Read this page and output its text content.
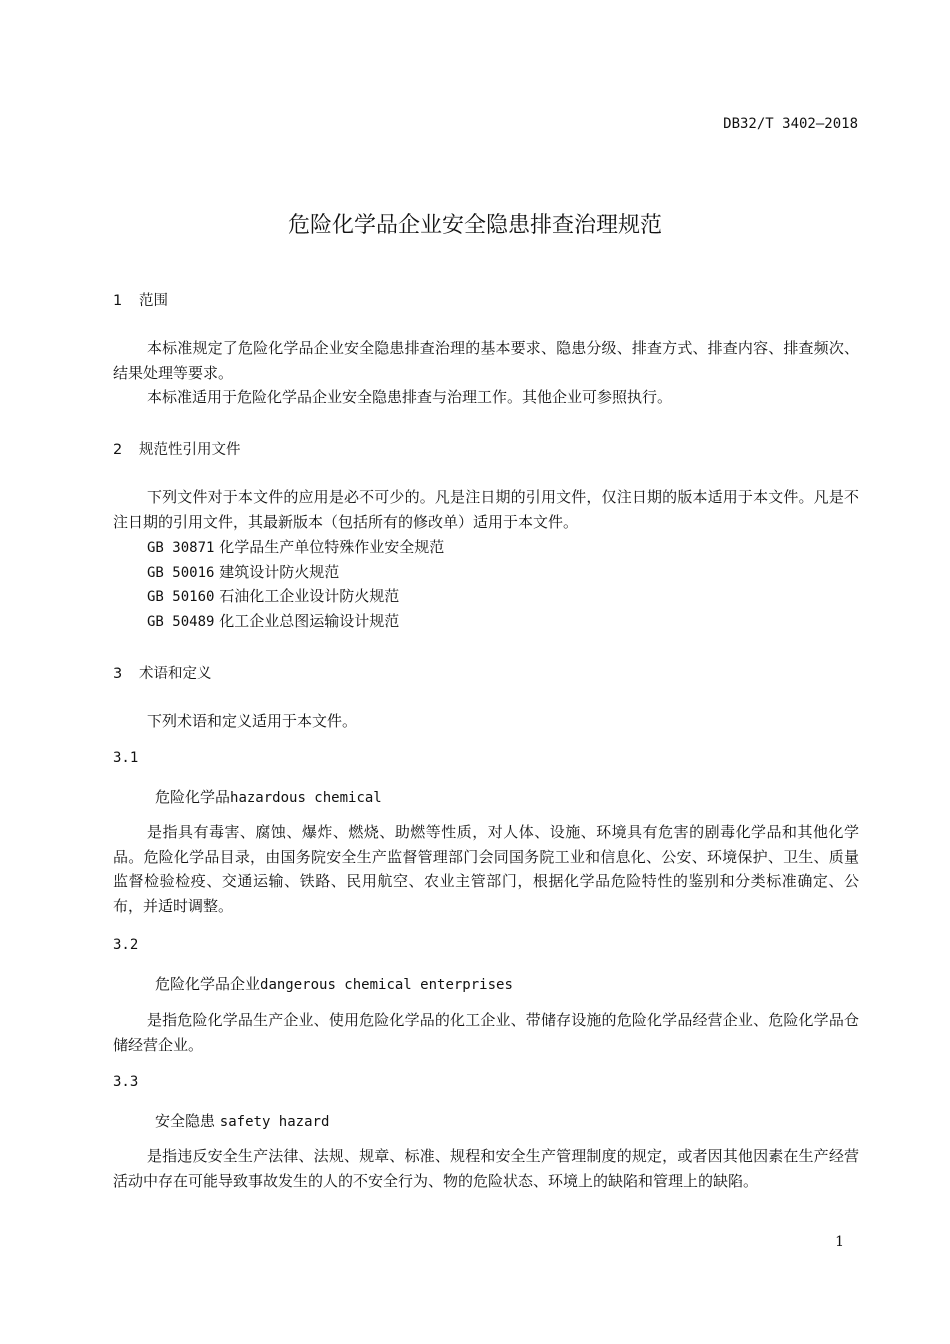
DB32/T 3402—2018
危险化学品企业安全隐患排查治理规范
1 范围

本标准规定了危险化学品企业安全隐患排查治理的基本要求、隐患分级、排查方式、排查内容、排查频次、结果处理等要求。

本标准适用于危险化学品企业安全隐患排查与治理工作。其他企业可参照执行。

2 规范性引用文件

下列文件对于本文件的应用是必不可少的。凡是注日期的引用文件，仅注日期的版本适用于本文件。凡是不注日期的引用文件，其最新版本（包括所有的修改单）适用于本文件。

GB 30871 化学品生产单位特殊作业安全规范
GB 50016 建筑设计防火规范
GB 50160 石油化工企业设计防火规范
GB 50489 化工企业总图运输设计规范
3 术语和定义

下列术语和定义适用于本文件。

3.1
危险化学品hazardous chemical

是指具有毒害、腐蚀、爆炸、燃烧、助燃等性质，对人体、设施、环境具有危害的剧毒化学品和其他化学品。危险化学品目录，由国务院安全生产监督管理部门会同国务院工业和信息化、公安、环境保护、卫生、质量监督检验检疫、交通运输、铁路、民用航空、农业主管部门，根据化学品危险特性的鉴别和分类标准确定、公布，并适时调整。

3.2
危险化学品企业dangerous chemical enterprises

是指危险化学品生产企业、使用危险化学品的化工企业、带储存设施的危险化学品经营企业、危险化学品仓储经营企业。

3.3
安全隐患 safety hazard

是指违反安全生产法律、法规、规章、标准、规程和安全生产管理制度的规定，或者因其他因素在生产经营活动中存在可能导致事故发生的人的不安全行为、物的危险状态、环境上的缺陷和管理上的缺陷。

1
